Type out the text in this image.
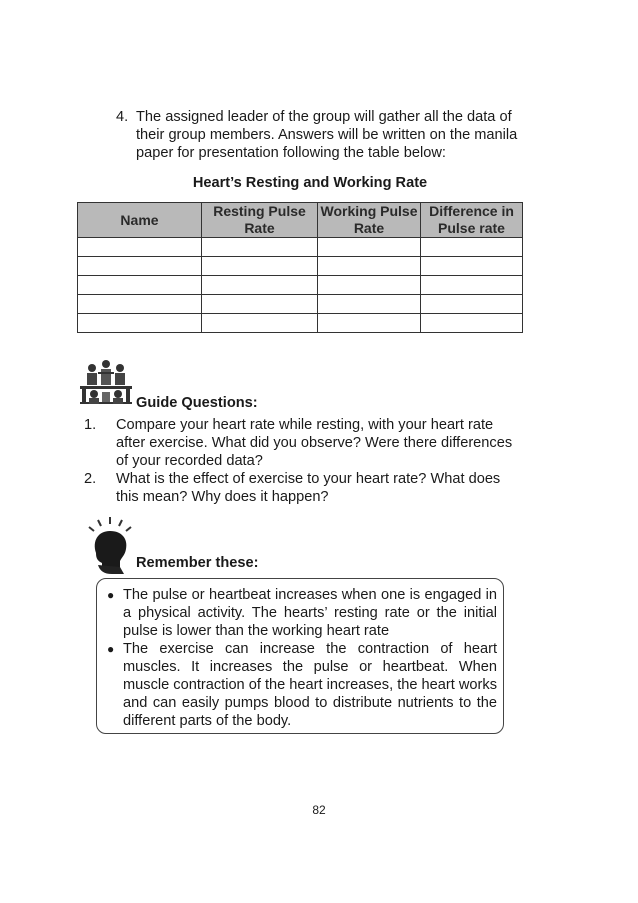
4. The assigned leader of the group will gather all the data of their group members. Answers will be written on the manila paper for presentation following the table below:
Heart’s Resting and Working Rate
Name	Resting Pulse Rate	Working Pulse Rate	Difference in Pulse rate

Guide Questions:
1. Compare your heart rate while resting, with your heart rate after exercise. What did you observe? Were there differences of your recorded data?
2. What is the effect of exercise to your heart rate? What does this mean? Why does it happen?
Remember these:
● The pulse or heartbeat increases when one is engaged in a physical activity. The hearts’ resting rate or the initial pulse is lower than the working heart rate
● The exercise can increase the contraction of heart muscles. It increases the pulse or heartbeat. When muscle contraction of the heart increases, the heart works and can easily pumps blood to distribute nutrients to the different parts of the body.
82
